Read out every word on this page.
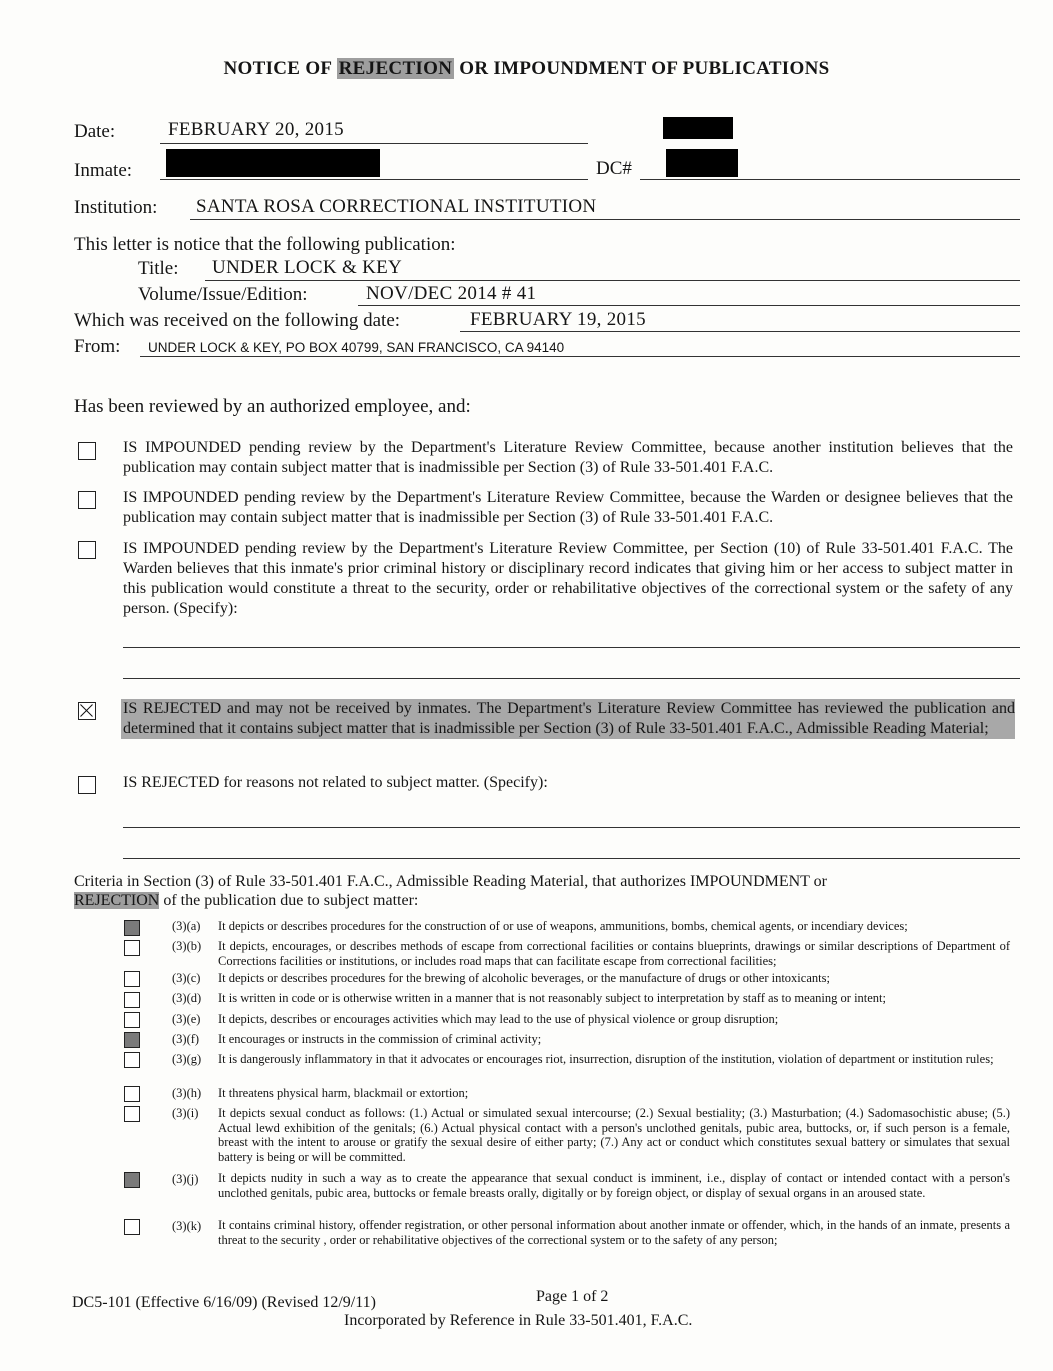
NOTICE OF REJECTION OR IMPOUNDMENT OF PUBLICATIONS
Date:	FEBRUARY 20, 2015
Inmate:	DC#
Institution: SANTA ROSA CORRECTIONAL INSTITUTION
This letter is notice that the following publication:
Title: UNDER LOCK & KEY
Volume/Issue/Edition:	NOV/DEC 2014 # 41
Which was received on the following date:	FEBRUARY 19, 2015
From: UNDER LOCK & KEY, PO BOX 40799, SAN FRANCISCO, CA 94140
Has been reviewed by an authorized employee, and:
IS IMPOUNDED pending review by the Department's Literature Review Committee, because another institution believes that the publication may contain subject matter that is inadmissible per Section (3) of Rule 33-501.401 F.A.C.
IS IMPOUNDED pending review by the Department's Literature Review Committee, because the Warden or designee believes that the publication may contain subject matter that is inadmissible per Section (3) of Rule 33-501.401 F.A.C.
IS IMPOUNDED pending review by the Department's Literature Review Committee, per Section (10) of Rule 33-501.401 F.A.C. The Warden believes that this inmate's prior criminal history or disciplinary record indicates that giving him or her access to subject matter in this publication would constitute a threat to the security, order or rehabilitative objectives of the correctional system or the safety of any person. (Specify):
IS REJECTED and may not be received by inmates. The Department's Literature Review Committee has reviewed the publication and determined that it contains subject matter that is inadmissible per Section (3) of Rule 33-501.401 F.A.C., Admissible Reading Material;
IS REJECTED for reasons not related to subject matter. (Specify):
Criteria in Section (3) of Rule 33-501.401 F.A.C., Admissible Reading Material, that authorizes IMPOUNDMENT or
REJECTION of the publication due to subject matter:
(3)(a) It depicts or describes procedures for the construction of or use of weapons, ammunitions, bombs, chemical agents, or incendiary devices;
(3)(b) It depicts, encourages, or describes methods of escape from correctional facilities or contains blueprints, drawings or similar descriptions of Department of Corrections facilities or institutions, or includes road maps that can facilitate escape from correctional facilities;
(3)(c) It depicts or describes procedures for the brewing of alcoholic beverages, or the manufacture of drugs or other intoxicants;
(3)(d) It is written in code or is otherwise written in a manner that is not reasonably subject to interpretation by staff as to meaning or intent;
(3)(e) It depicts, describes or encourages activities which may lead to the use of physical violence or group disruption;
(3)(f) It encourages or instructs in the commission of criminal activity;
(3)(g) It is dangerously inflammatory in that it advocates or encourages riot, insurrection, disruption of the institution, violation of department or institution rules;
(3)(h) It threatens physical harm, blackmail or extortion;
(3)(i) It depicts sexual conduct as follows: (1.) Actual or simulated sexual intercourse; (2.) Sexual bestiality; (3.) Masturbation; (4.) Sadomasochistic abuse; (5.) Actual lewd exhibition of the genitals; (6.) Actual physical contact with a person's unclothed genitals, pubic area, buttocks, or, if such person is a female, breast with the intent to arouse or gratify the sexual desire of either party; (7.) Any act or conduct which constitutes sexual battery or simulates that sexual battery is being or will be committed.
(3)(j) It depicts nudity in such a way as to create the appearance that sexual conduct is imminent, i.e., display of contact or intended contact with a person's unclothed genitals, pubic area, buttocks or female breasts orally, digitally or by foreign object, or display of sexual organs in an aroused state.
(3)(k) It contains criminal history, offender registration, or other personal information about another inmate or offender, which, in the hands of an inmate, presents a threat to the security , order or rehabilitative objectives of the correctional system or to the safety of any person;
DC5-101 (Effective 6/16/09) (Revised 12/9/11)	Page 1 of 2
Incorporated by Reference in Rule 33-501.401, F.A.C.
